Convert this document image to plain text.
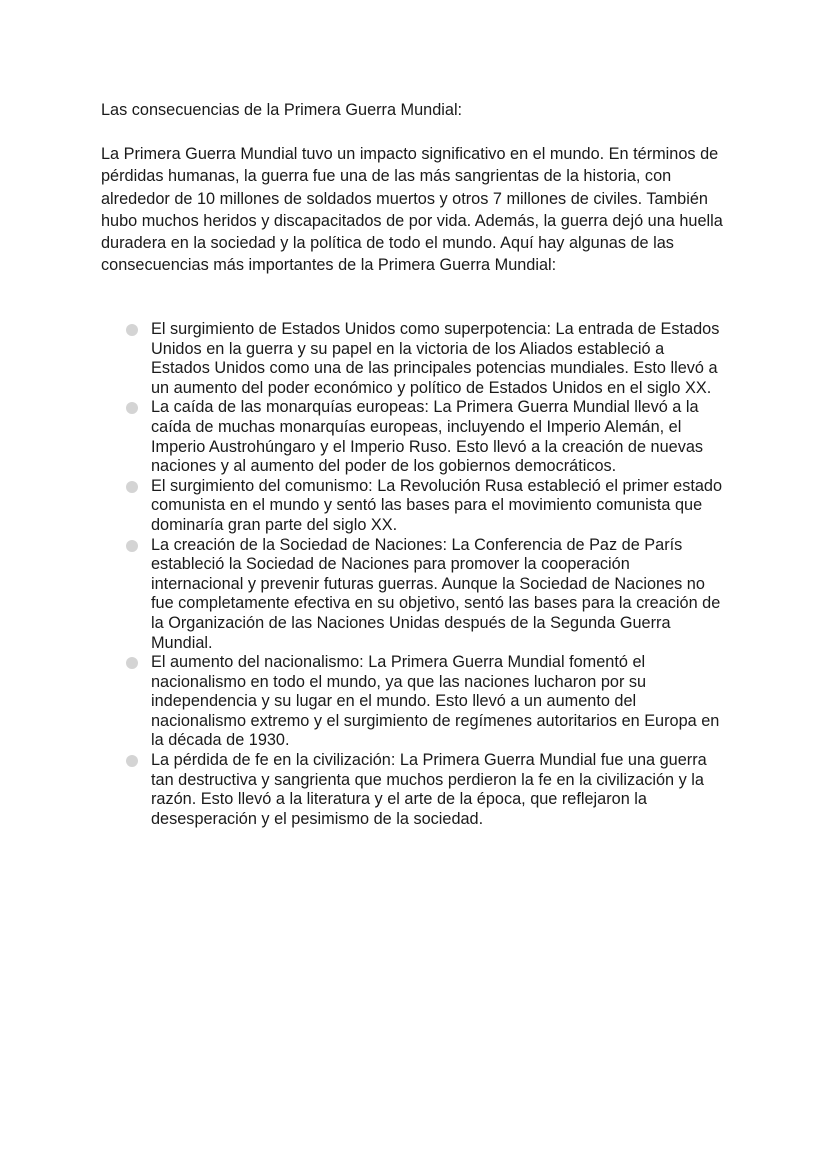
Las consecuencias de la Primera Guerra Mundial:

La Primera Guerra Mundial tuvo un impacto significativo en el mundo. En términos de pérdidas humanas, la guerra fue una de las más sangrientas de la historia, con alrededor de 10 millones de soldados muertos y otros 7 millones de civiles. También hubo muchos heridos y discapacitados de por vida. Además, la guerra dejó una huella duradera en la sociedad y la política de todo el mundo. Aquí hay algunas de las consecuencias más importantes de la Primera Guerra Mundial:

El surgimiento de Estados Unidos como superpotencia: La entrada de Estados Unidos en la guerra y su papel en la victoria de los Aliados estableció a Estados Unidos como una de las principales potencias mundiales. Esto llevó a un aumento del poder económico y político de Estados Unidos en el siglo XX.
La caída de las monarquías europeas: La Primera Guerra Mundial llevó a la caída de muchas monarquías europeas, incluyendo el Imperio Alemán, el Imperio Austrohúngaro y el Imperio Ruso. Esto llevó a la creación de nuevas naciones y al aumento del poder de los gobiernos democráticos.
El surgimiento del comunismo: La Revolución Rusa estableció el primer estado comunista en el mundo y sentó las bases para el movimiento comunista que dominaría gran parte del siglo XX.
La creación de la Sociedad de Naciones: La Conferencia de Paz de París estableció la Sociedad de Naciones para promover la cooperación internacional y prevenir futuras guerras. Aunque la Sociedad de Naciones no fue completamente efectiva en su objetivo, sentó las bases para la creación de la Organización de las Naciones Unidas después de la Segunda Guerra Mundial.
El aumento del nacionalismo: La Primera Guerra Mundial fomentó el nacionalismo en todo el mundo, ya que las naciones lucharon por su independencia y su lugar en el mundo. Esto llevó a un aumento del nacionalismo extremo y el surgimiento de regímenes autoritarios en Europa en la década de 1930.
La pérdida de fe en la civilización: La Primera Guerra Mundial fue una guerra tan destructiva y sangrienta que muchos perdieron la fe en la civilización y la razón. Esto llevó a la literatura y el arte de la época, que reflejaron la desesperación y el pesimismo de la sociedad.
